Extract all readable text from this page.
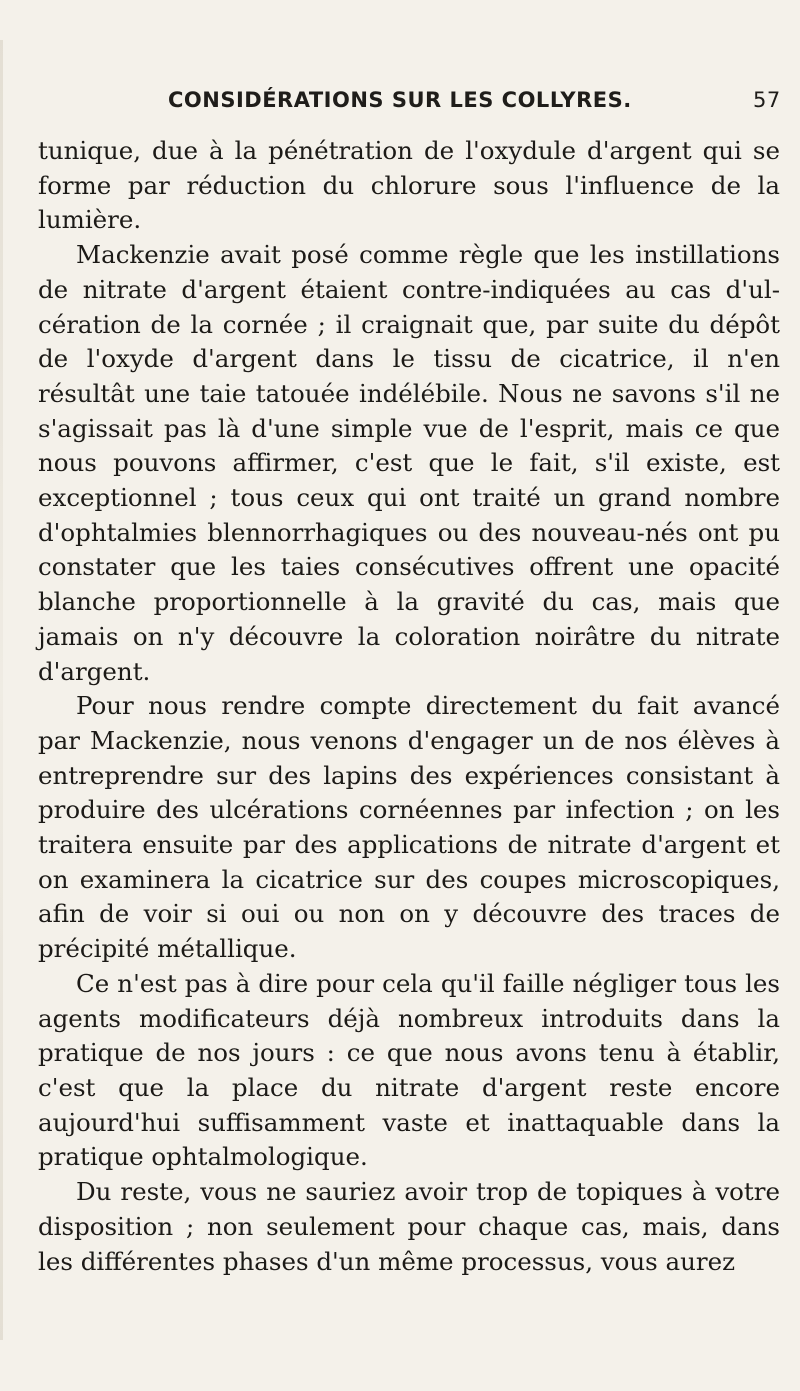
CONSIDÉRATIONS SUR LES COLLYRES.	57

tunique, due à la pénétration de l'oxydule d'argent qui se forme par réduction du chlorure sous l'influence de la lumière.

Mackenzie avait posé comme règle que les instillations de nitrate d'argent étaient contre-indiquées au cas d'ulcération de la cornée ; il craignait que, par suite du dépôt de l'oxyde d'argent dans le tissu de cicatrice, il n'en résultât une taie tatouée indélébile. Nous ne savons s'il ne s'agissait pas là d'une simple vue de l'esprit, mais ce que nous pouvons affirmer, c'est que le fait, s'il existe, est exceptionnel ; tous ceux qui ont traité un grand nombre d'ophtalmies blennorrhagiques ou des nouveau-nés ont pu constater que les taies consécutives offrent une opacité blanche proportionnelle à la gravité du cas, mais que jamais on n'y découvre la coloration noirâtre du nitrate d'argent.

Pour nous rendre compte directement du fait avancé par Mackenzie, nous venons d'engager un de nos élèves à entreprendre sur des lapins des expériences consistant à produire des ulcérations cornéennes par infection ; on les traitera ensuite par des applications de nitrate d'argent et on examinera la cicatrice sur des coupes microscopiques, afin de voir si oui ou non on y découvre des traces de précipité métallique.

Ce n'est pas à dire pour cela qu'il faille négliger tous les agents modificateurs déjà nombreux introduits dans la pratique de nos jours : ce que nous avons tenu à établir, c'est que la place du nitrate d'argent reste encore aujourd'hui suffisamment vaste et inattaquable dans la pratique ophtalmologique.

Du reste, vous ne sauriez avoir trop de topiques à votre disposition ; non seulement pour chaque cas, mais, dans les différentes phases d'un même processus, vous aurez
